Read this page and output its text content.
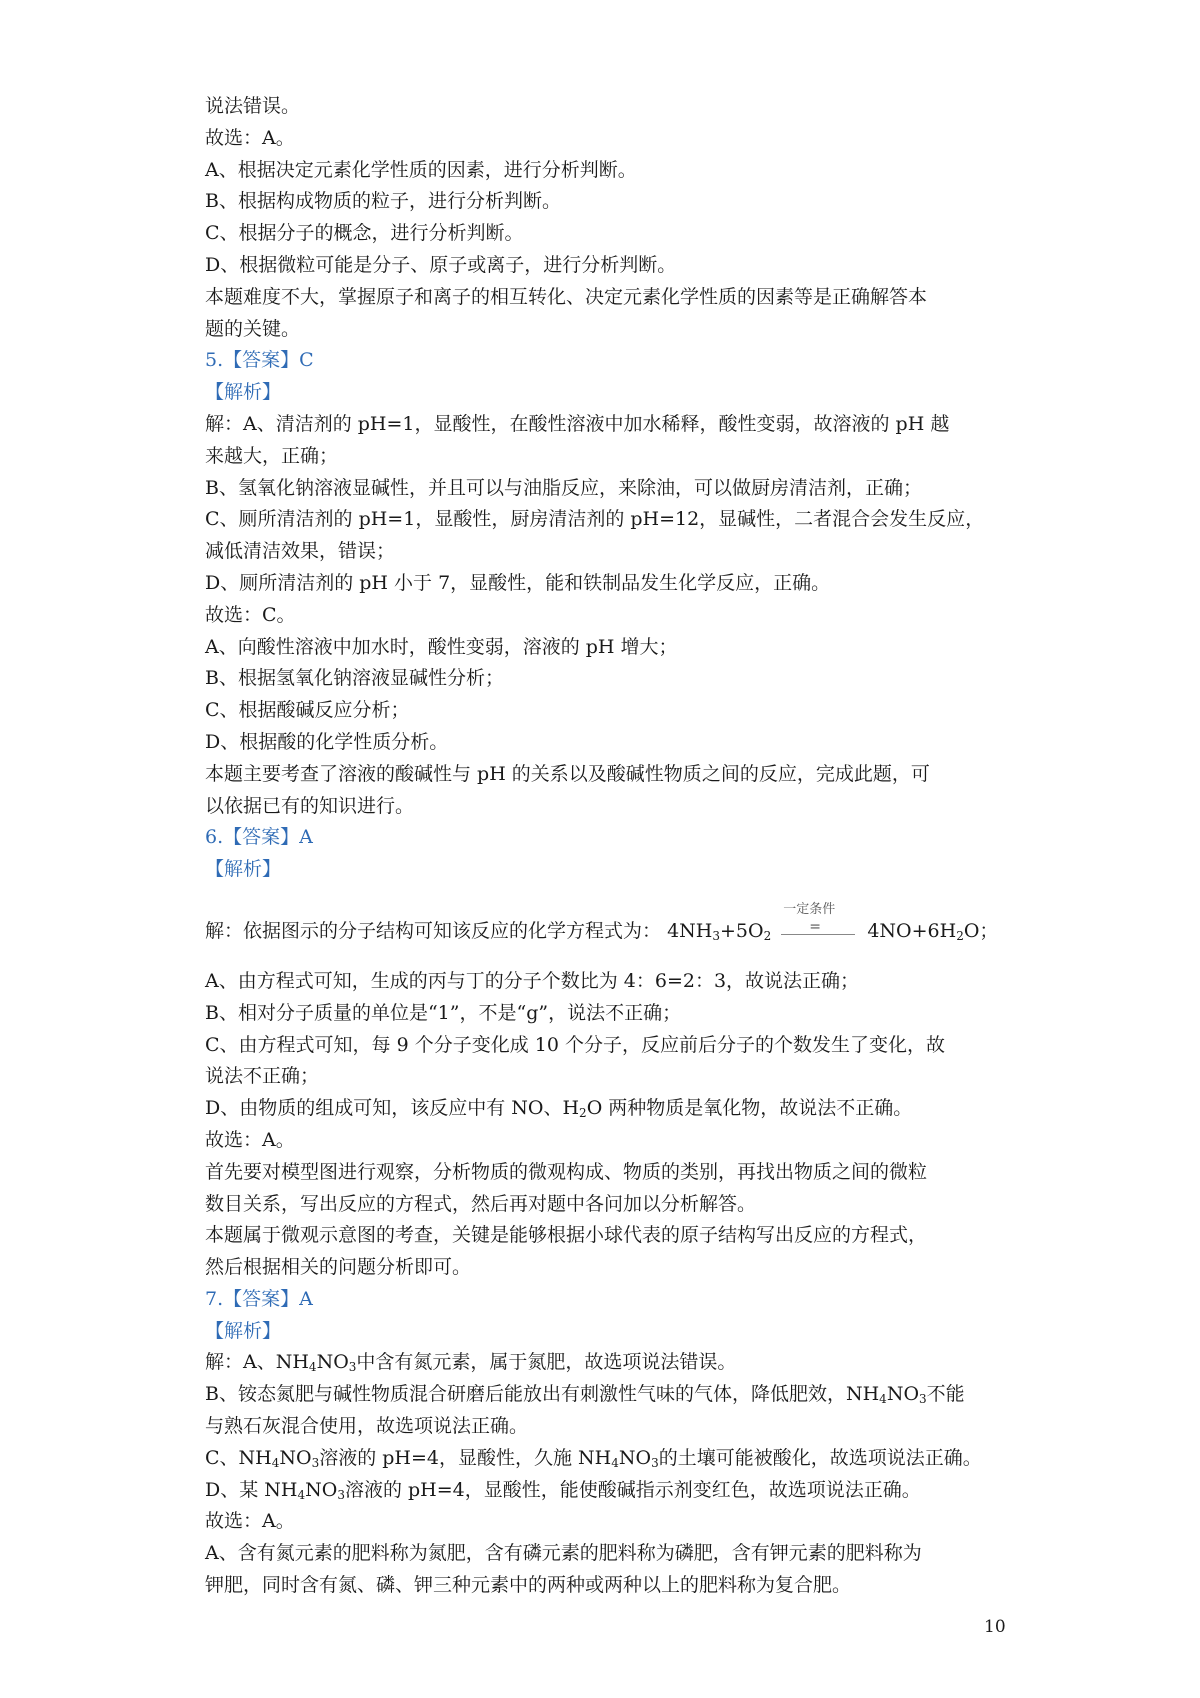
说法错误。
故选：A。
A、根据决定元素化学性质的因素，进行分析判断。
B、根据构成物质的粒子，进行分析判断。
C、根据分子的概念，进行分析判断。
D、根据微粒可能是分子、原子或离子，进行分析判断。
本题难度不大，掌握原子和离子的相互转化、决定元素化学性质的因素等是正确解答本
题的关键。
5.【答案】C
【解析】
解：A、清洁剂的 pH=1，显酸性，在酸性溶液中加水稀释，酸性变弱，故溶液的 pH 越
来越大，正确；
B、氢氧化钠溶液显碱性，并且可以与油脂反应，来除油，可以做厨房清洁剂，正确；
C、厕所清洁剂的 pH=1，显酸性，厨房清洁剂的 pH=12，显碱性，二者混合会发生反应，
减低清洁效果，错误；
D、厕所清洁剂的 pH 小于 7，显酸性，能和铁制品发生化学反应，正确。
故选：C。
A、向酸性溶液中加水时，酸性变弱，溶液的 pH 增大；
B、根据氢氧化钠溶液显碱性分析；
C、根据酸碱反应分析；
D、根据酸的化学性质分析。
本题主要考查了溶液的酸碱性与 pH 的关系以及酸碱性物质之间的反应，完成此题，可
以依据已有的知识进行。
6.【答案】A
【解析】
解：依据图示的分子结构可知该反应的化学方程式为： $4NH_3+5O_2$
一定条件
= $4NO+6H_2O$；
A、由方程式可知，生成的丙与丁的分子个数比为 4：6=2：3，故说法正确；
B、相对分子质量的单位是“1”，不是“g”，说法不正确；
C、由方程式可知，每 9 个分子变化成 10 个分子，反应前后分子的个数发生了变化，故
说法不正确；
D、由物质的组成可知，该反应中有 NO、$H_2O$ 两种物质是氧化物，故说法不正确。
故选：A。
首先要对模型图进行观察，分析物质的微观构成、物质的类别，再找出物质之间的微粒
数目关系，写出反应的方程式，然后再对题中各问加以分析解答。
本题属于微观示意图的考查，关键是能够根据小球代表的原子结构写出反应的方程式，
然后根据相关的问题分析即可。
7.【答案】A
【解析】
解：A、$NH_4NO_3$中含有氮元素，属于氮肥，故选项说法错误。
B、铵态氮肥与碱性物质混合研磨后能放出有刺激性气味的气体，降低肥效，$NH_4NO_3$不能
与熟石灰混合使用，故选项说法正确。
C、$NH_4NO_3$溶液的 pH=4，显酸性，久施 $NH_4NO_3$的土壤可能被酸化，故选项说法正确。
D、某 $NH_4NO_3$溶液的 pH=4，显酸性，能使酸碱指示剂变红色，故选项说法正确。
故选：A。
A、含有氮元素的肥料称为氮肥，含有磷元素的肥料称为磷肥，含有钾元素的肥料称为
钾肥，同时含有氮、磷、钾三种元素中的两种或两种以上的肥料称为复合肥。
10
